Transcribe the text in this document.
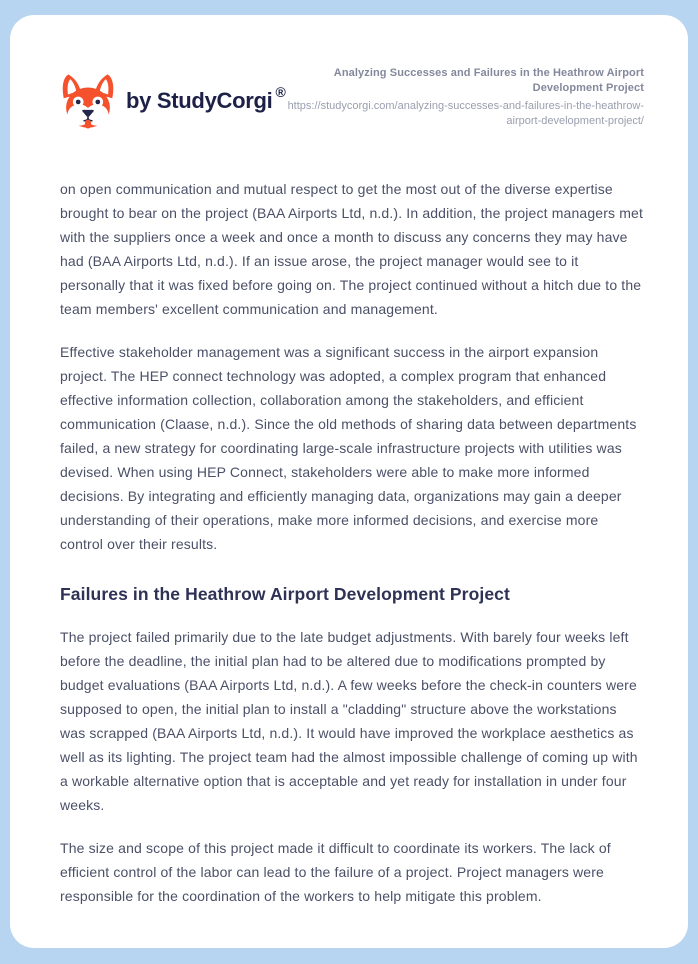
by StudyCorgi ®
Analyzing Successes and Failures in the Heathrow Airport Development Project
https://studycorgi.com/analyzing-successes-and-failures-in-the-heathrow-airport-development-project/

on open communication and mutual respect to get the most out of the diverse expertise brought to bear on the project (BAA Airports Ltd, n.d.). In addition, the project managers met with the suppliers once a week and once a month to discuss any concerns they may have had (BAA Airports Ltd, n.d.). If an issue arose, the project manager would see to it personally that it was fixed before going on. The project continued without a hitch due to the team members' excellent communication and management.

Effective stakeholder management was a significant success in the airport expansion project. The HEP connect technology was adopted, a complex program that enhanced effective information collection, collaboration among the stakeholders, and efficient communication (Claase, n.d.). Since the old methods of sharing data between departments failed, a new strategy for coordinating large-scale infrastructure projects with utilities was devised. When using HEP Connect, stakeholders were able to make more informed decisions. By integrating and efficiently managing data, organizations may gain a deeper understanding of their operations, make more informed decisions, and exercise more control over their results.

Failures in the Heathrow Airport Development Project

The project failed primarily due to the late budget adjustments. With barely four weeks left before the deadline, the initial plan had to be altered due to modifications prompted by budget evaluations (BAA Airports Ltd, n.d.). A few weeks before the check-in counters were supposed to open, the initial plan to install a "cladding" structure above the workstations was scrapped (BAA Airports Ltd, n.d.). It would have improved the workplace aesthetics as well as its lighting. The project team had the almost impossible challenge of coming up with a workable alternative option that is acceptable and yet ready for installation in under four weeks.

The size and scope of this project made it difficult to coordinate its workers. The lack of efficient control of the labor can lead to the failure of a project. Project managers were responsible for the coordination of the workers to help mitigate this problem.
